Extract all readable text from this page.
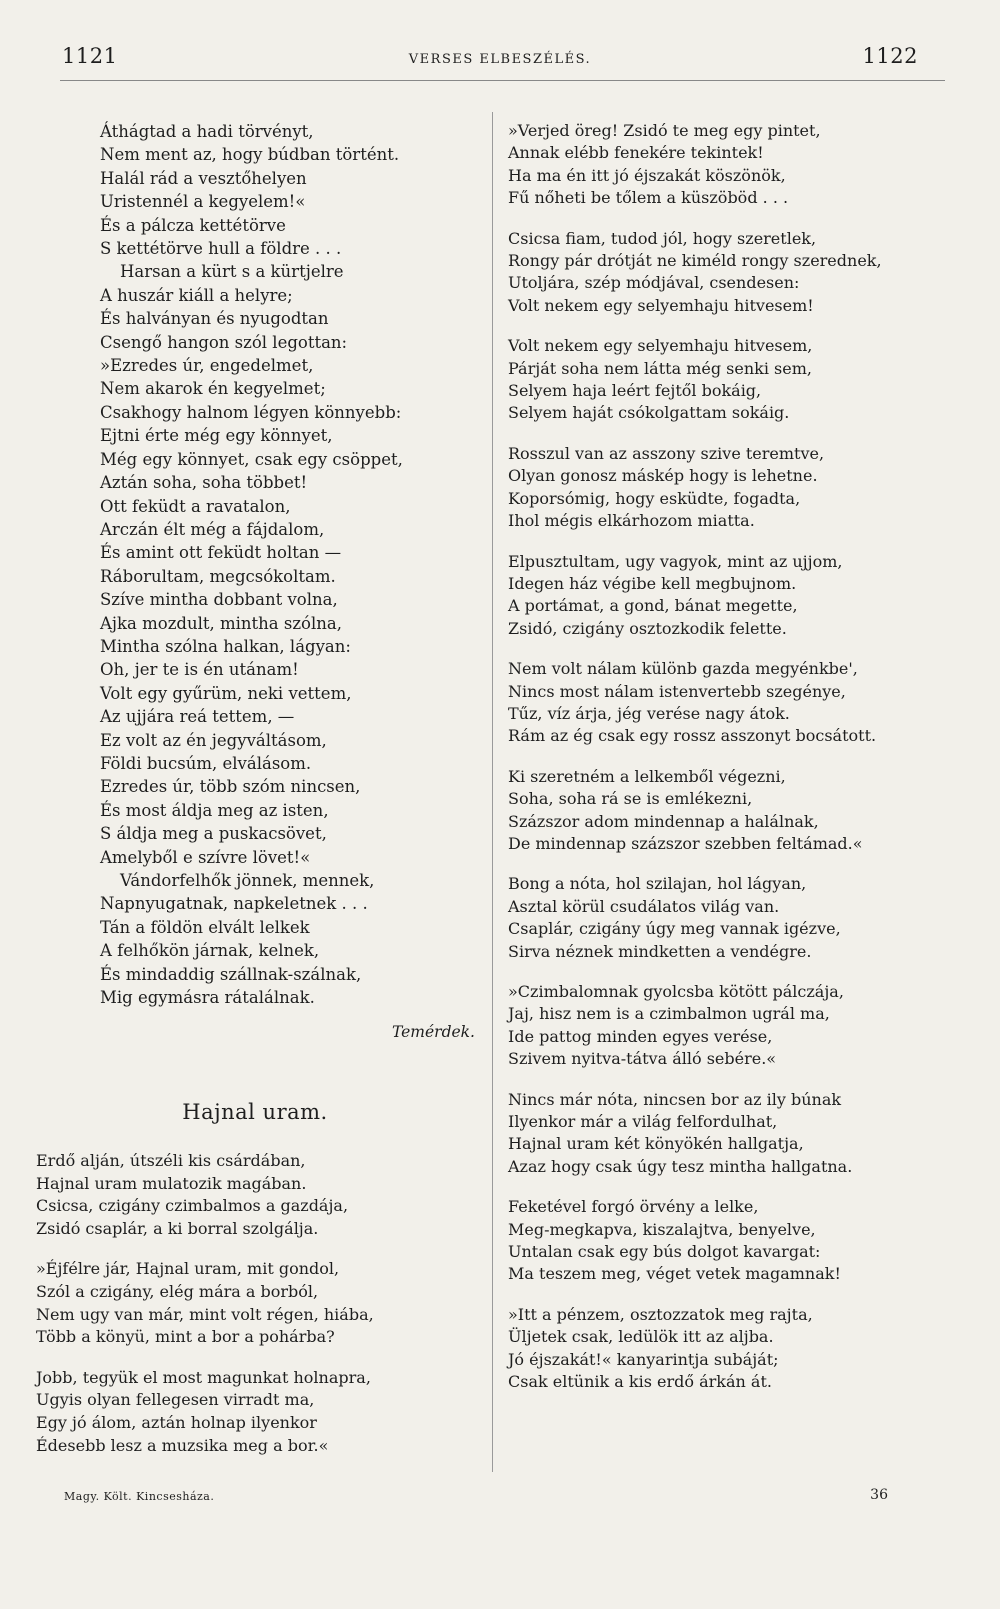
1121	VERSES ELBESZÉLÉS.	1122
Áthágtad a hadi törvényt,
Nem ment az, hogy búdban történt.
Halál rád a vesztőhelyen
Uristennél a kegyelem!«
És a pálcza kettétörve
S kettétörve hull a földre . . .
Harsan a kürt s a kürtjelre
A huszár kiáll a helyre;
És halványan és nyugodtan
Csengő hangon szól legottan:
»Ezredes úr, engedelmet,
Nem akarok én kegyelmet;
Csakhogy halnom légyen könnyebb:
Ejtni érte még egy könnyet,
Még egy könnyet, csak egy csöppet,
Aztán soha, soha többet!
Ott feküdt a ravatalon,
Arczán élt még a fájdalom,
És amint ott feküdt holtan —
Ráborultam, megcsókoltam.
Szíve mintha dobbant volna,
Ajka mozdult, mintha szólna,
Mintha szólna halkan, lágyan:
Oh, jer te is én utánam!
Volt egy gyűrüm, neki vettem,
Az ujjára reá tettem, —
Ez volt az én jegyváltásom,
Földi bucsúm, elválásom.
Ezredes úr, több szóm nincsen,
És most áldja meg az isten,
S áldja meg a puskacsövet,
Amelyből e szívre lövet!«
Vándorfelhők jönnek, mennek,
Napnyugatnak, napkeletnek . . .
Tán a földön elvált lelkek
A felhőkön járnak, kelnek,
És mindaddig szállnak-szálnak,
Mig egymásra rátalálnak.
Temérdek.
Hajnal uram.
Erdő alján, útszéli kis csárdában,
Hajnal uram mulatozik magában.
Csicsa, czigány czimbalmos a gazdája,
Zsidó csaplár, a ki borral szolgálja.
»Éjfélre jár, Hajnal uram, mit gondol,
Szól a czigány, elég mára a borból,
Nem ugy van már, mint volt régen, hiába,
Több a könyü, mint a bor a pohárba?
Jobb, tegyük el most magunkat holnapra,
Ugyis olyan fellegesen virradt ma,
Egy jó álom, aztán holnap ilyenkor
Édesebb lesz a muzsika meg a bor.«
»Verjed öreg! Zsidó te meg egy pintet,
Annak elébb fenekére tekintek!
Ha ma én itt jó éjszakát köszönök,
Fű nőheti be tőlem a küszöböd . . .
Csicsa fiam, tudod jól, hogy szeretlek,
Rongy pár drótját ne kiméld rongy szerednek,
Utoljára, szép módjával, csendesen:
Volt nekem egy selyemhaju hitvesem!
Volt nekem egy selyemhaju hitvesem,
Párját soha nem látta még senki sem,
Selyem haja leért fejtől bokáig,
Selyem haját csókolgattam sokáig.
Rosszul van az asszony szive teremtve,
Olyan gonosz máskép hogy is lehetne.
Koporsómig, hogy esküdte, fogadta,
Ihol mégis elkárhozom miatta.
Elpusztultam, ugy vagyok, mint az ujjom,
Idegen ház végibe kell megbujnom.
A portámat, a gond, bánat megette,
Zsidó, czigány osztozkodik felette.
Nem volt nálam különb gazda megyénkbe',
Nincs most nálam istenvertebb szegénye,
Tűz, víz árja, jég verése nagy átok.
Rám az ég csak egy rossz asszonyt bocsátott.
Ki szeretném a lelkemből végezni,
Soha, soha rá se is emlékezni,
Százszor adom mindennap a halálnak,
De mindennap százszor szebben feltámad.«
Bong a nóta, hol szilajan, hol lágyan,
Asztal körül csudálatos világ van.
Csaplár, czigány úgy meg vannak igézve,
Sirva néznek mindketten a vendégre.
»Czimbalomnak gyolcsba kötött pálczája,
Jaj, hisz nem is a czimbalmon ugrál ma,
Ide pattog minden egyes verése,
Szivem nyitva-tátva álló sebére.«
Nincs már nóta, nincsen bor az ily búnak
Ilyenkor már a világ felfordulhat,
Hajnal uram két könyökén hallgatja,
Azaz hogy csak úgy tesz mintha hallgatna.
Feketével forgó örvény a lelke,
Meg-megkapva, kiszalajtva, benyelve,
Untalan csak egy bús dolgot kavargat:
Ma teszem meg, véget vetek magamnak!
»Itt a pénzem, osztozzatok meg rajta,
Üljetek csak, ledülök itt az aljba.
Jó éjszakát!« kanyarintja subáját;
Csak eltünik a kis erdő árkán át.
Magy. Költ. Kincsesháza.	36
